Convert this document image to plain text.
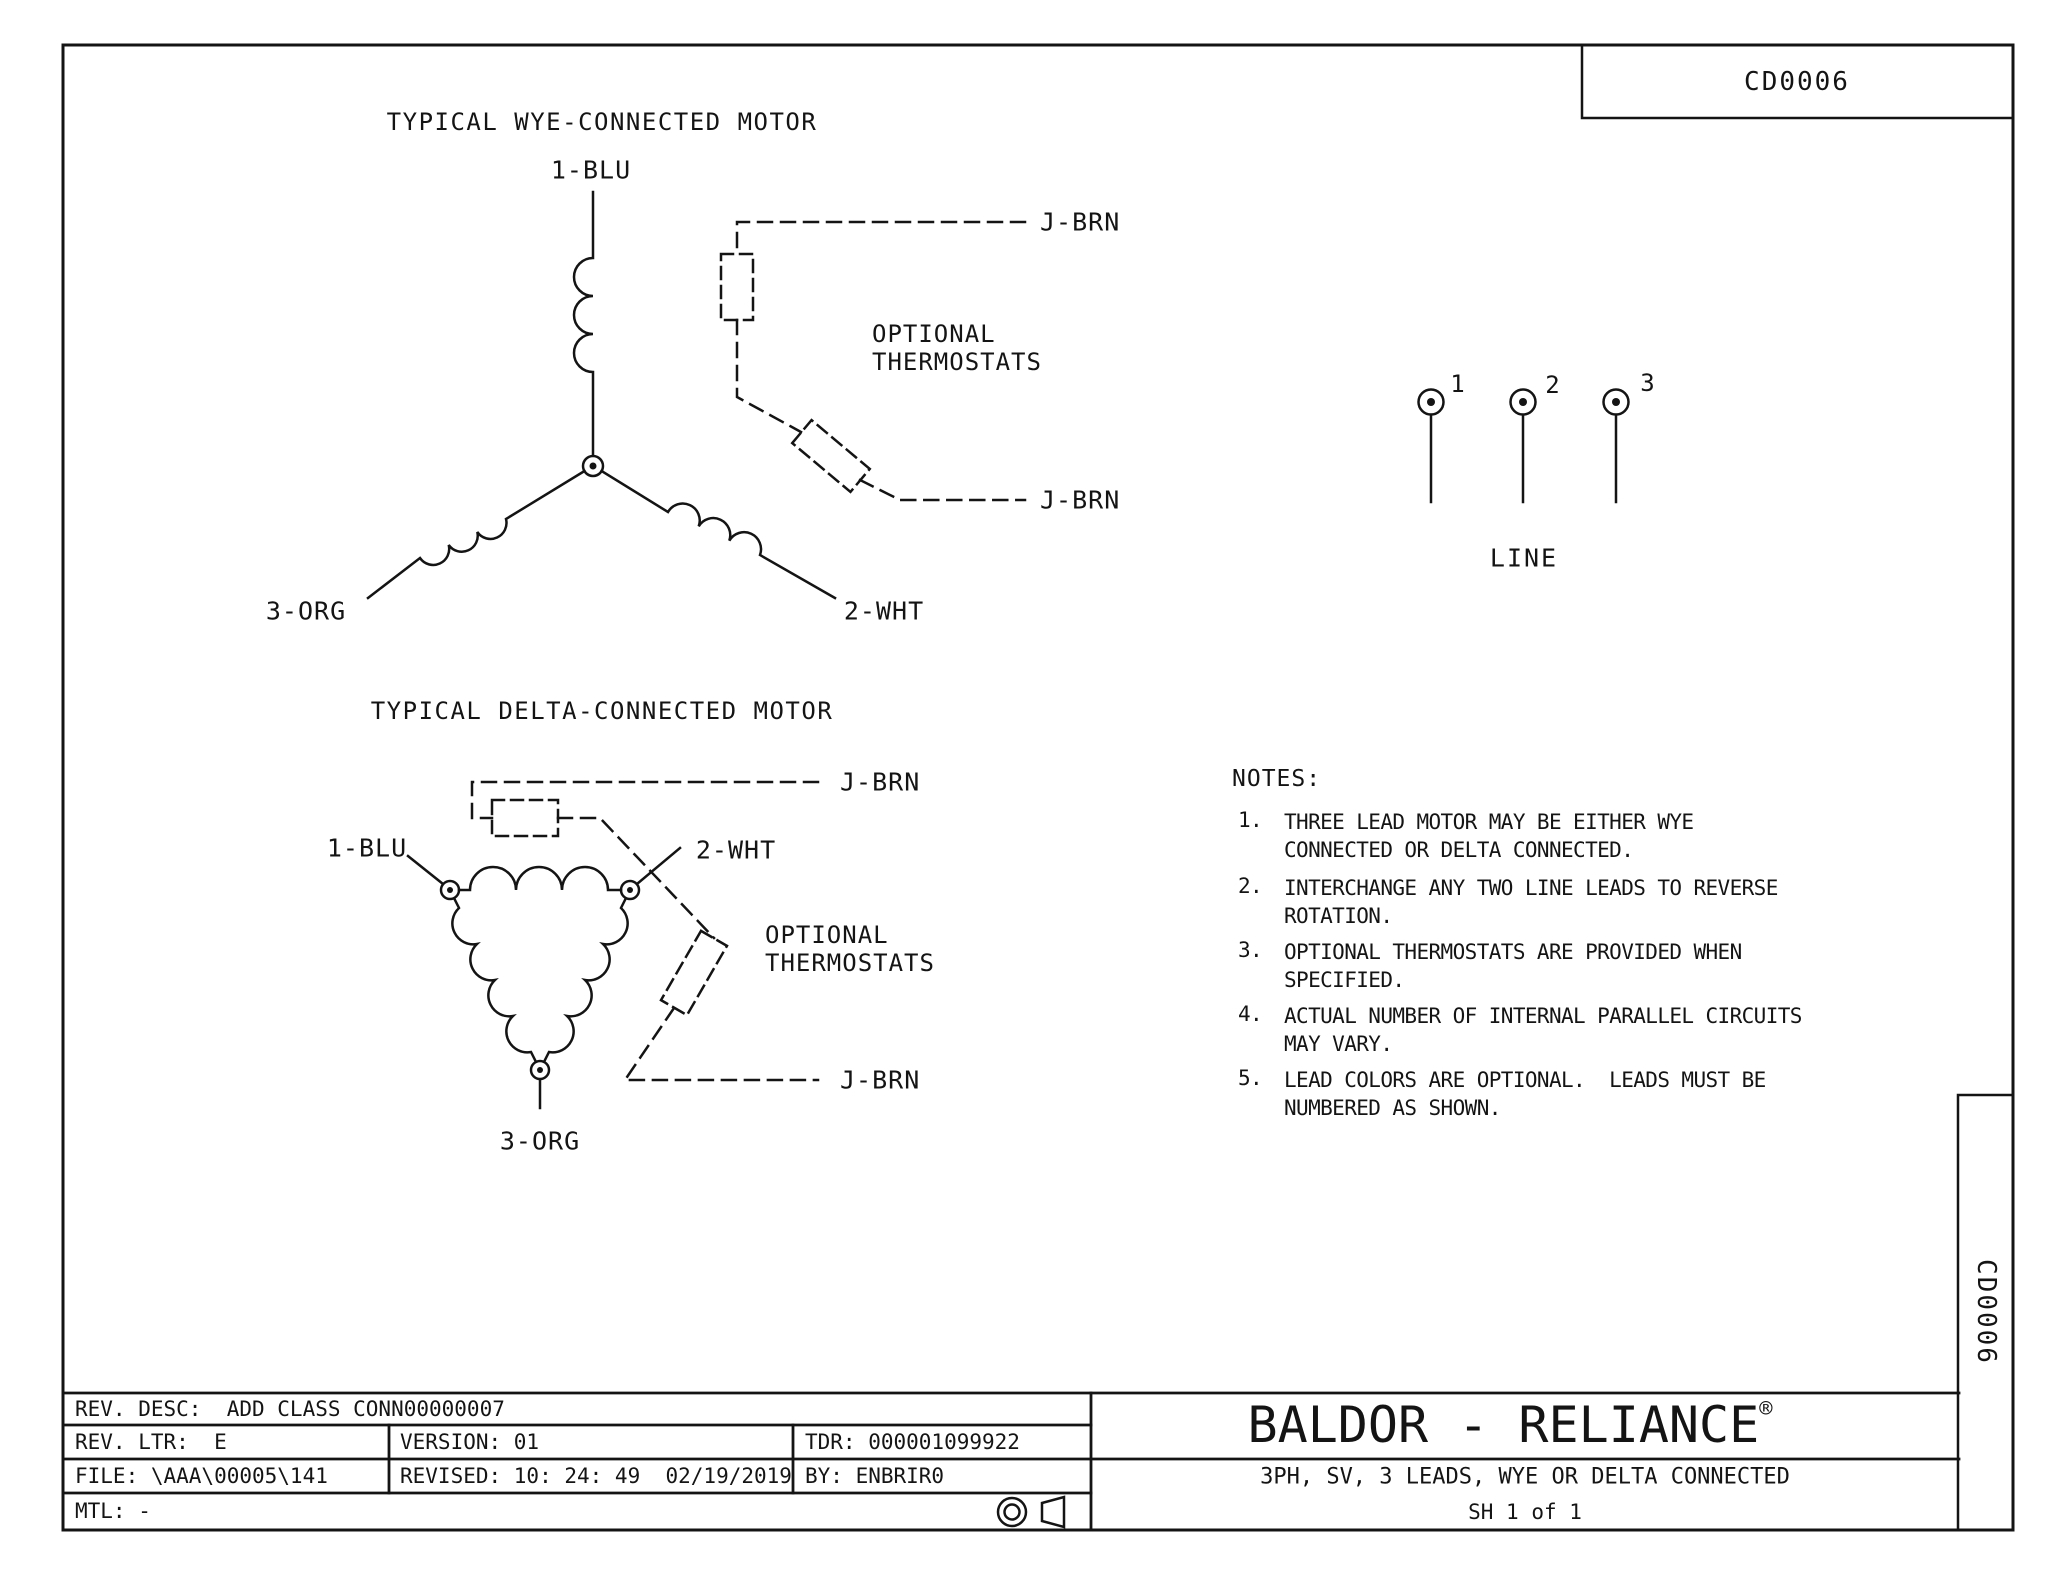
CD0006
CD0006
TYPICAL WYE-CONNECTED MOTOR
1-BLU
3-ORG	2-WHT
J-BRN
J-BRN
OPTIONAL
THERMOSTATS
TYPICAL DELTA-CONNECTED MOTOR
1-BLU	2-WHT
3-ORG
J-BRN
J-BRN
OPTIONAL
THERMOSTATS
1	2	3
LINE
NOTES:
1. THREE LEAD MOTOR MAY BE EITHER WYE
CONNECTED OR DELTA CONNECTED.
2. INTERCHANGE ANY TWO LINE LEADS TO REVERSE
ROTATION.
3. OPTIONAL THERMOSTATS ARE PROVIDED WHEN
SPECIFIED.
4. ACTUAL NUMBER OF INTERNAL PARALLEL CIRCUITS
MAY VARY.
5. LEAD COLORS ARE OPTIONAL.  LEADS MUST BE
NUMBERED AS SHOWN.
REV. DESC:  ADD CLASS CONN00000007
REV. LTR:  E	VERSION: 01	TDR: 000001099922
FILE: \AAA\00005\141	REVISED: 10: 24: 49  02/19/2019 BY: ENBRIR0
MTL: -
BALDOR - RELIANCE®
3PH, SV, 3 LEADS, WYE OR DELTA CONNECTED
SH 1 of 1
